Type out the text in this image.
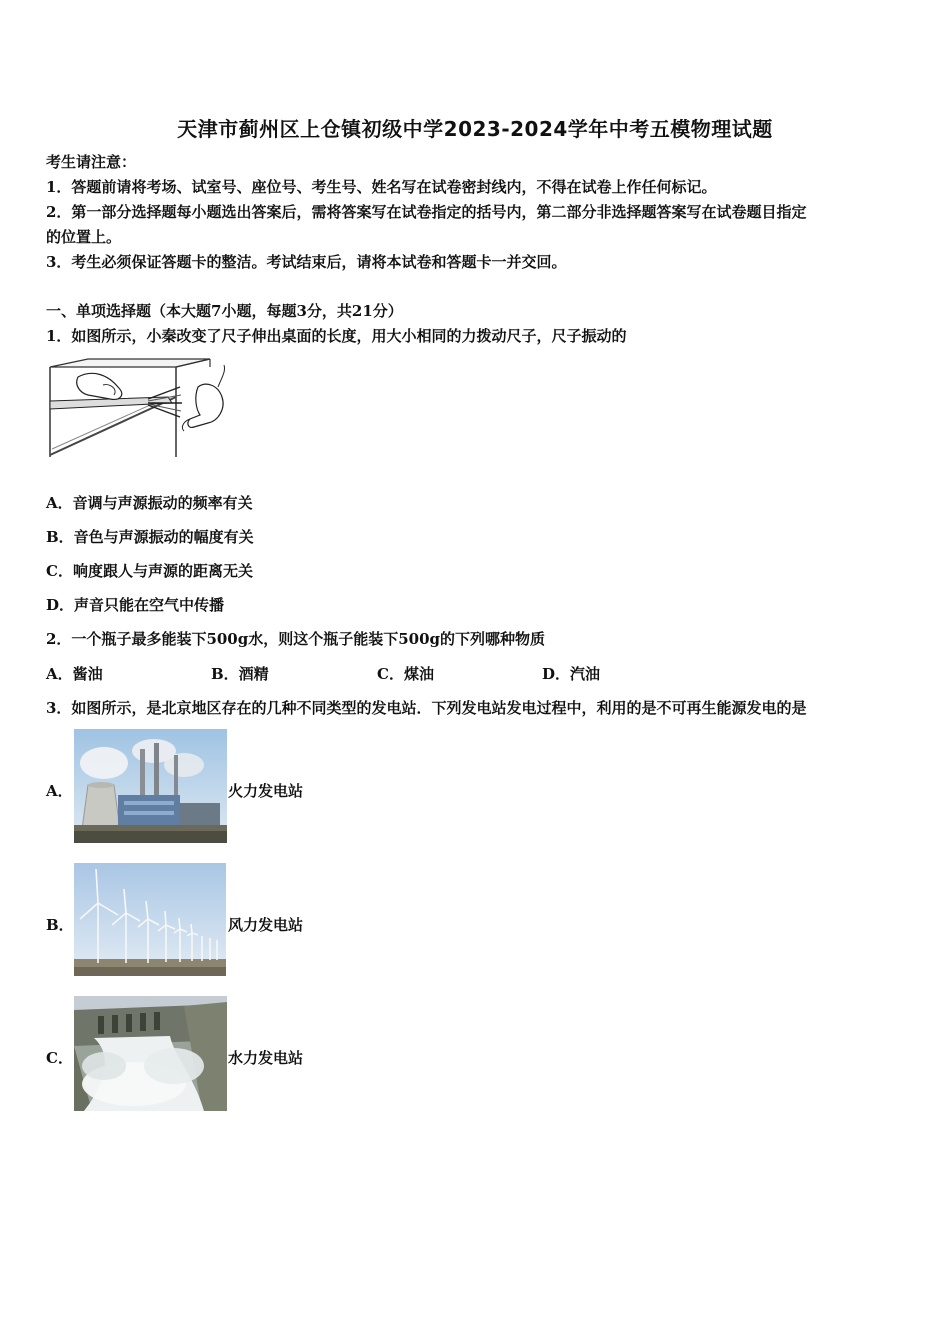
天津市蓟州区上仓镇初级中学2023-2024学年中考五模物理试题
考生请注意：
1．答题前请将考场、试室号、座位号、考生号、姓名写在试卷密封线内，不得在试卷上作任何标记。
2．第一部分选择题每小题选出答案后，需将答案写在试卷指定的括号内，第二部分非选择题答案写在试卷题目指定
的位置上。
3．考生必须保证答题卡的整洁。考试结束后，请将本试卷和答题卡一并交回。
一、单项选择题（本大题7小题，每题3分，共21分）
1．如图所示，小秦改变了尺子伸出桌面的长度，用大小相同的力拨动尺子，尺子振动的
A．音调与声源振动的频率有关
B．音色与声源振动的幅度有关
C．响度跟人与声源的距离无关
D．声音只能在空气中传播
2．一个瓶子最多能装下500g水，则这个瓶子能装下500g的下列哪种物质
A．酱油	B．酒精	C．煤油	D．汽油
3．如图所示，是北京地区存在的几种不同类型的发电站．下列发电站发电过程中，利用的是不可再生能源发电的是
A．	火力发电站
B．	风力发电站
C．	水力发电站
